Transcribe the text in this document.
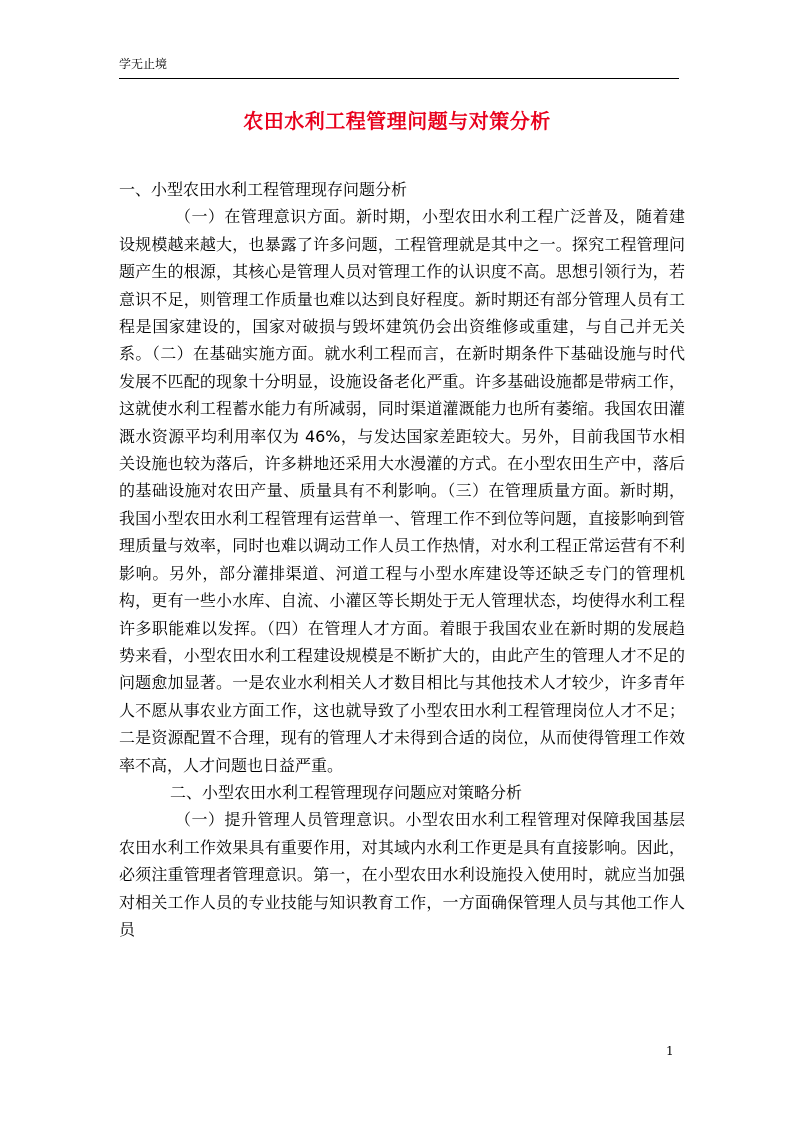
学无止境
农田水利工程管理问题与对策分析

一、小型农田水利工程管理现存问题分析

（一）在管理意识方面。新时期，小型农田水利工程广泛普及，随着建设规模越来越大，也暴露了许多问题，工程管理就是其中之一。探究工程管理问题产生的根源，其核心是管理人员对管理工作的认识度不高。思想引领行为，若意识不足，则管理工作质量也难以达到良好程度。新时期还有部分管理人员有工程是国家建设的，国家对破损与毁坏建筑仍会出资维修或重建，与自己并无关系。（二）在基础实施方面。就水利工程而言，在新时期条件下基础设施与时代发展不匹配的现象十分明显，设施设备老化严重。许多基础设施都是带病工作，这就使水利工程蓄水能力有所减弱，同时渠道灌溉能力也所有萎缩。我国农田灌溉水资源平均利用率仅为 46%，与发达国家差距较大。另外，目前我国节水相关设施也较为落后，许多耕地还采用大水漫灌的方式。在小型农田生产中，落后的基础设施对农田产量、质量具有不利影响。（三）在管理质量方面。新时期，我国小型农田水利工程管理有运营单一、管理工作不到位等问题，直接影响到管理质量与效率，同时也难以调动工作人员工作热情，对水利工程正常运营有不利影响。另外，部分灌排渠道、河道工程与小型水库建设等还缺乏专门的管理机构，更有一些小水库、自流、小灌区等长期处于无人管理状态，均使得水利工程许多职能难以发挥。（四）在管理人才方面。着眼于我国农业在新时期的发展趋势来看，小型农田水利工程建设规模是不断扩大的，由此产生的管理人才不足的问题愈加显著。一是农业水利相关人才数目相比与其他技术人才较少，许多青年人不愿从事农业方面工作，这也就导致了小型农田水利工程管理岗位人才不足；二是资源配置不合理，现有的管理人才未得到合适的岗位，从而使得管理工作效率不高，人才问题也日益严重。

二、小型农田水利工程管理现存问题应对策略分析

（一）提升管理人员管理意识。小型农田水利工程管理对保障我国基层农田水利工作效果具有重要作用，对其域内水利工作更是具有直接影响。因此，必须注重管理者管理意识。第一，在小型农田水利设施投入使用时，就应当加强对相关工作人员的专业技能与知识教育工作，一方面确保管理人员与其他工作人员

1
